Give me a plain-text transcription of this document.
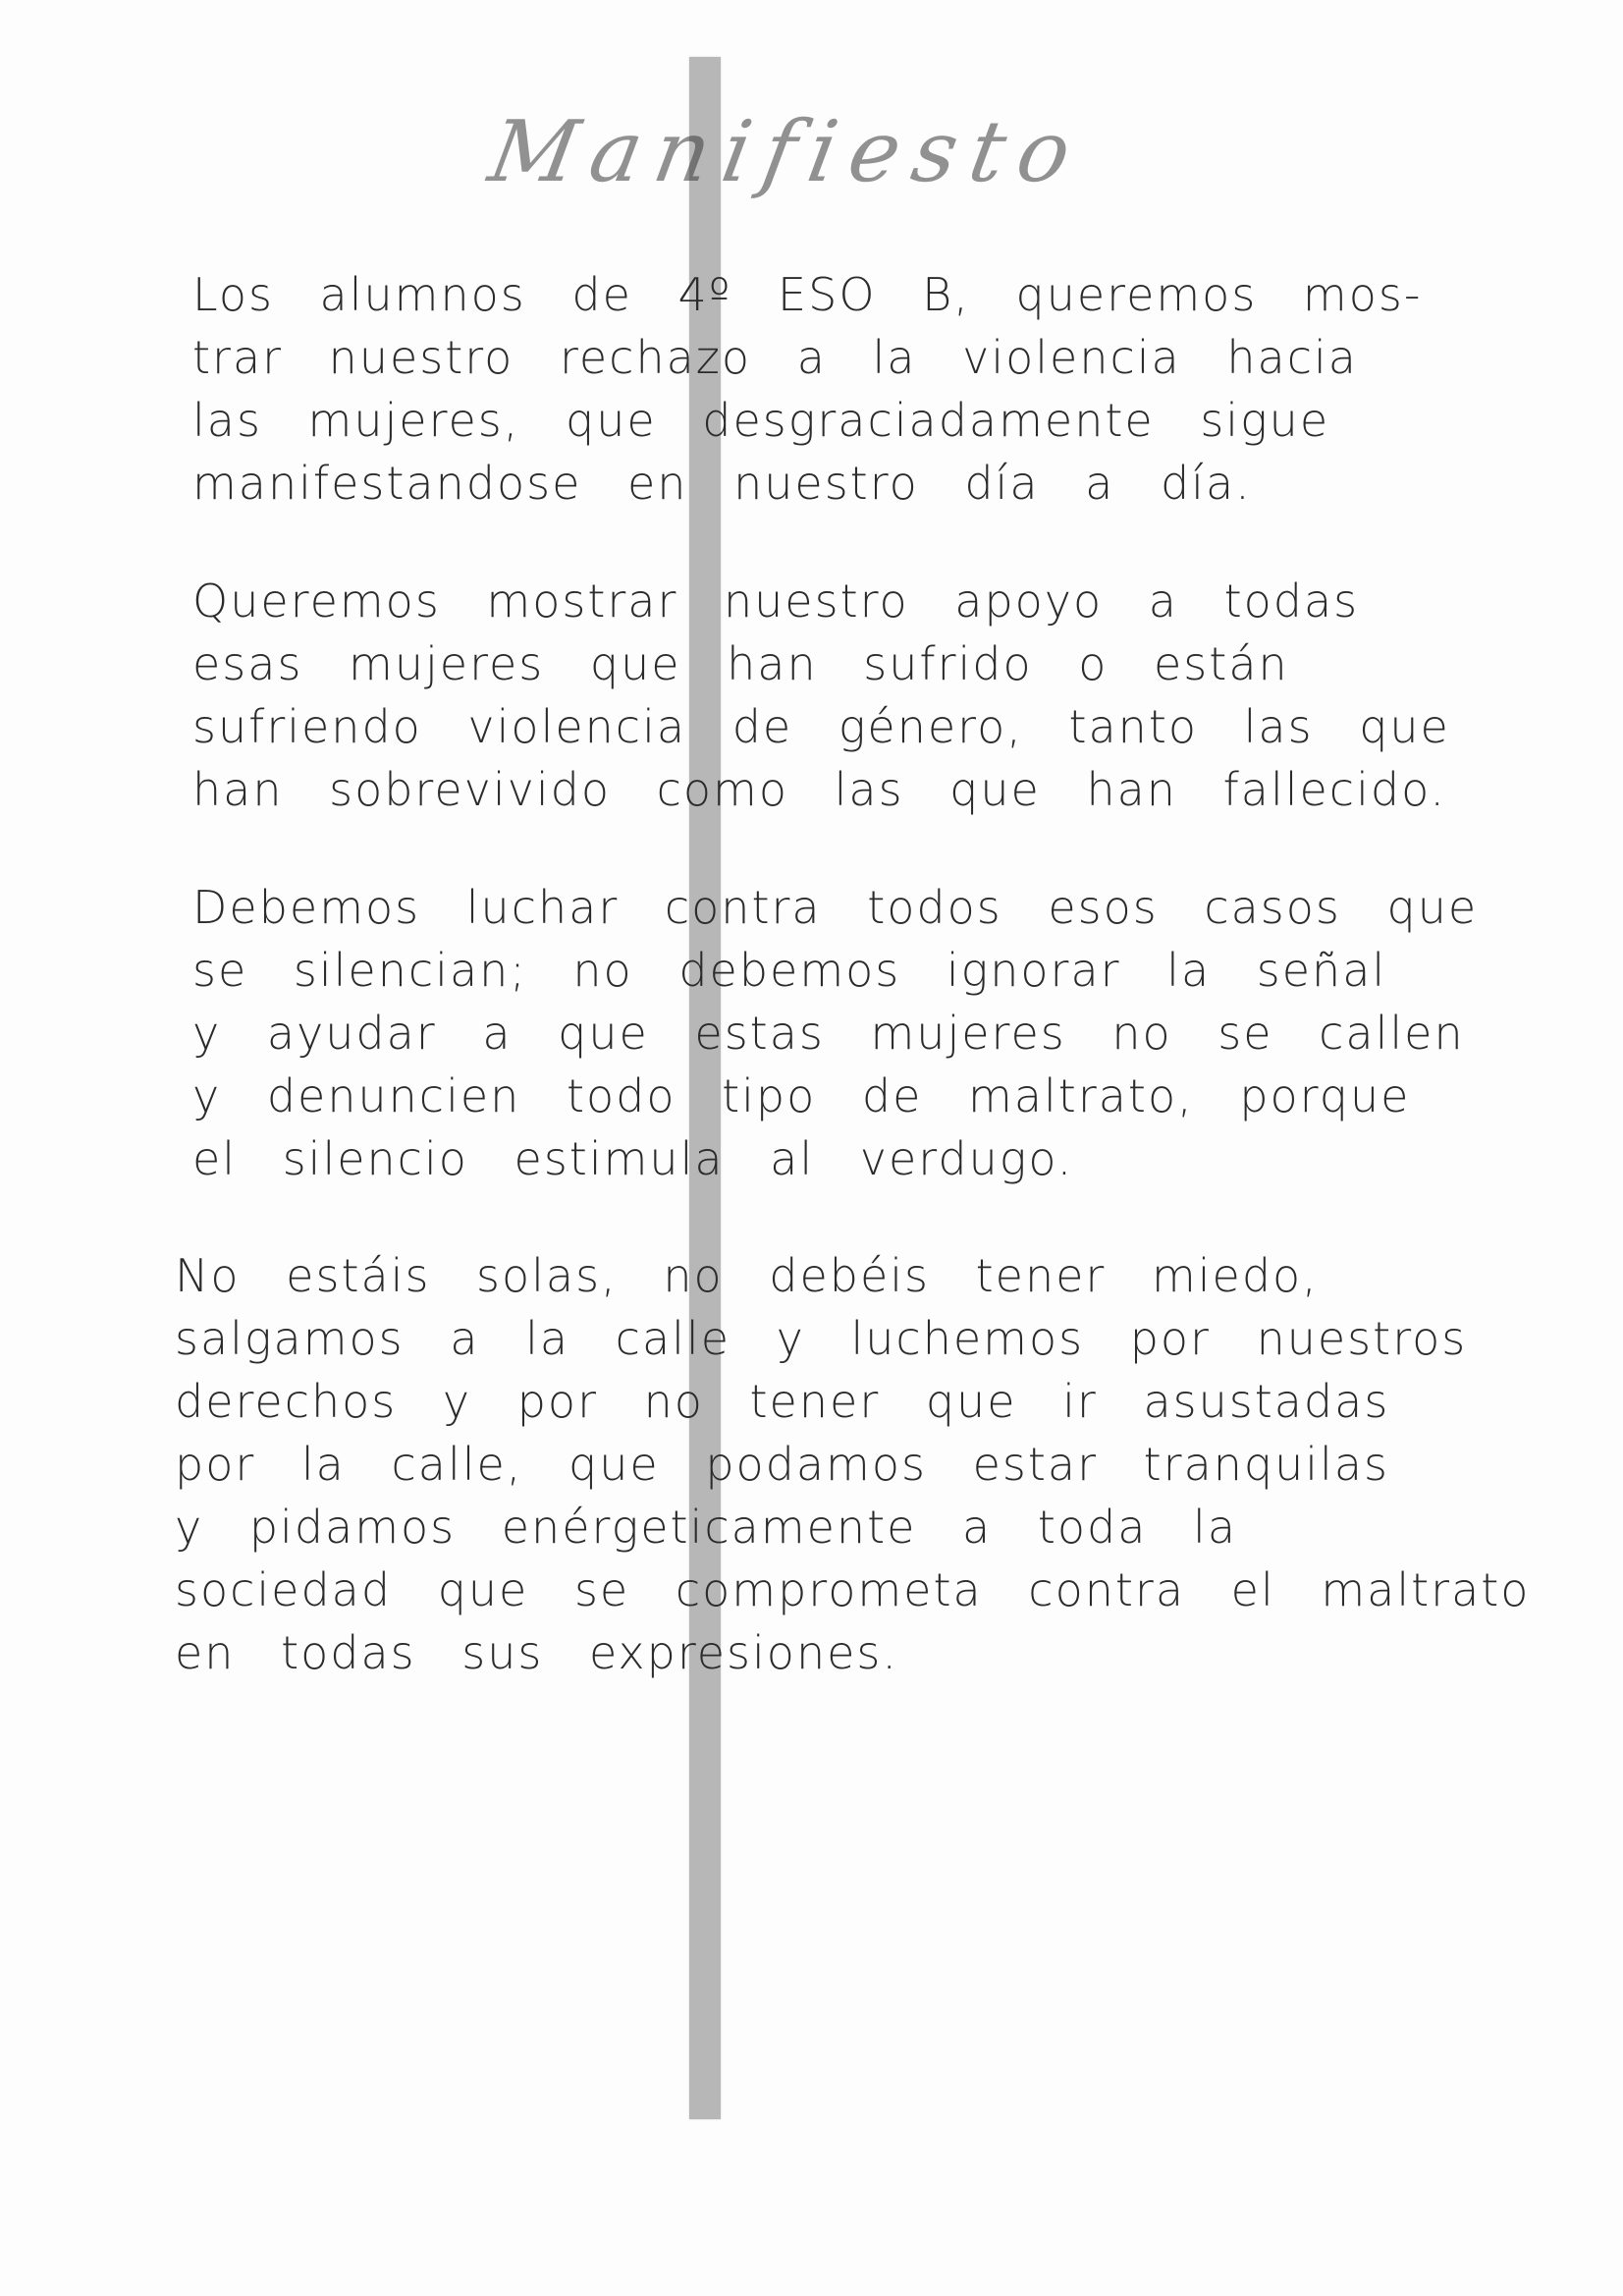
Manifiesto
Los alumnos de 4º ESO B, queremos mos-
trar nuestro rechazo a la violencia hacia
las mujeres, que desgraciadamente sigue
manifestandose en nuestro día a día.
Queremos mostrar nuestro apoyo a todas
esas mujeres que han sufrido o están
sufriendo violencia de género, tanto las que
han sobrevivido como las que han fallecido.
Debemos luchar contra todos esos casos que
se silencian; no debemos ignorar la señal
y ayudar a que estas mujeres no se callen
y denuncien todo tipo de maltrato, porque
el silencio estimula al verdugo.
No estáis solas, no debéis tener miedo,
salgamos a la calle y luchemos por nuestros
derechos y por no tener que ir asustadas
por la calle, que podamos estar tranquilas
y pidamos enérgeticamente a toda la
sociedad que se comprometa contra el maltrato
en todas sus expresiones.
